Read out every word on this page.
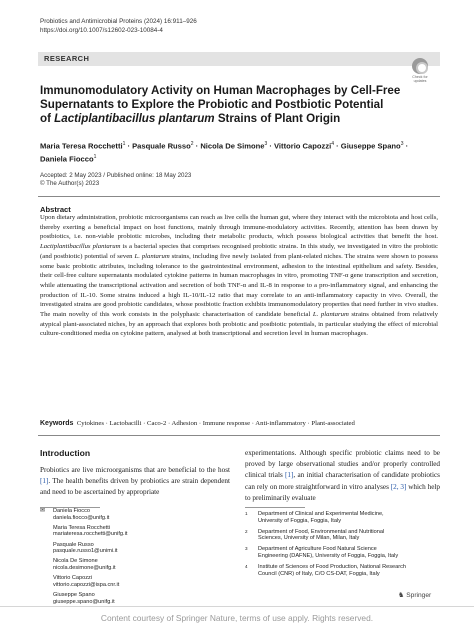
Probiotics and Antimicrobial Proteins (2024) 16:911–926
https://doi.org/10.1007/s12602-023-10084-4
RESEARCH
Check for updates
Immunomodulatory Activity on Human Macrophages by Cell-Free
Supernatants to Explore the Probiotic and Postbiotic Potential
of Lactiplantibacillus plantarum Strains of Plant Origin
Maria Teresa Rocchetti$^1$ · Pasquale Russo$^2$ · Nicola De Simone$^3$ · Vittorio Capozzi$^4$ · Giuseppe Spano$^3$ ·
Daniela Fiocco$^1$
Accepted: 2 May 2023 / Published online: 18 May 2023
© The Author(s) 2023
Abstract
Upon dietary administration, probiotic microorganisms can reach as live cells the human gut, where they interact with the microbiota and host cells, thereby exerting a beneficial impact on host functions, mainly through immune-modulatory activities. Recently, attention has been drawn by postbiotics, i.e. non-viable probiotic microbes, including their metabolic products, which possess biological activities that benefit the host. Lactiplantibacillus plantarum is a bacterial species that comprises recognised probiotic strains. In this study, we investigated in vitro the probiotic (and postbiotic) potential of seven L. plantarum strains, including five newly isolated from plant-related niches. The strains were shown to possess some basic probiotic attributes, including tolerance to the gastrointestinal environment, adhesion to the intestinal epithelium and safety. Besides, their cell-free culture supernatants modulated cytokine patterns in human macrophages in vitro, promoting TNF-α gene transcription and secretion, while attenuating the transcriptional activation and secretion of both TNF-α and IL-8 in response to a pro-inflammatory signal, and enhancing the production of IL-10. Some strains induced a high IL-10/IL-12 ratio that may correlate to an anti-inflammatory capacity in vivo. Overall, the investigated strains are good probiotic candidates, whose postbiotic fraction exhibits immunomodulatory properties that need further in vivo studies. The main novelty of this work consists in the polyphasic characterisation of candidate beneficial L. plantarum strains obtained from relatively atypical plant-associated niches, by an approach that explores both probiotic and postbiotic potentials, in particular studying the effect of microbial culture-conditioned media on cytokine pattern, analysed at both transcriptional and secretion level in human macrophages.
Keywords Cytokines · Lactobacilli · Caco-2 · Adhesion · Immune response · Anti-inflammatory · Plant-associated
Introduction
Probiotics are live microorganisms that are beneficial to the host [1]. The health benefits driven by probiotics are strain dependent and need to be ascertained by appropriate
experimentations. Although specific probiotic claims need to be proved by large observational studies and/or properly controlled clinical trials [1], an initial characterisation of candidate probiotics can rely on more straightforward in vitro analyses [2, 3] which help to preliminarily evaluate
✉ Daniela Fiocco
daniela.fiocco@unifg.it
Maria Teresa Rocchetti
mariateresa.rocchetti@unifg.it
Pasquale Russo
pasquale.russo1@unimi.it
Nicola De Simone
nicola.desimone@unifg.it
Vittorio Capozzi
vittorio.capozzi@ispa.cnr.it
Giuseppe Spano
giuseppe.spano@unifg.it
1 Department of Clinical and Experimental Medicine,
University of Foggia, Foggia, Italy
2 Department of Food, Environmental and Nutritional
Sciences, University of Milan, Milan, Italy
3 Department of Agriculture Food Natural Science
Engineering (DAFNE), University of Foggia, Foggia, Italy
4 Institute of Sciences of Food Production, National Research
Council (CNR) of Italy, C/O CS-DAT, Foggia, Italy
♞ Springer
Content courtesy of Springer Nature, terms of use apply. Rights reserved.
